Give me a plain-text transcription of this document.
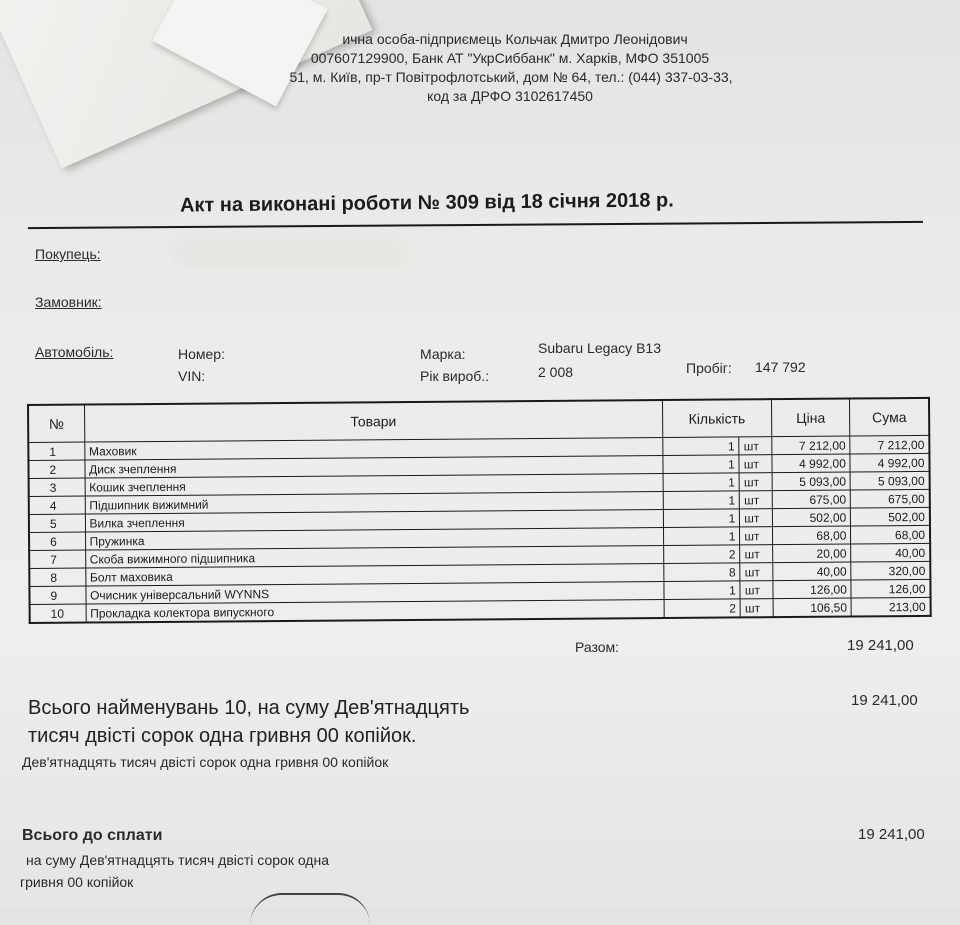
ична особа-підприємець Кольчак Дмитро Леонідович
007607129900, Банк АТ "УкрСиббанк" м. Харків, МФО 351005
51, м. Київ, пр-т Повітрофлотський, дом № 64, тел.: (044) 337-03-33,
код за ДРФО 3102617450
Акт на виконані роботи № 309 від 18 січня 2018 р.
Покупець:
Замовник:
Автомобіль:	Номер:
VIN:
Марка:	Subaru Legacy B13
Рік вироб.:	2 008	Пробіг: 147 792
№	Товари	Кількість		Ціна	Сума
1	Маховик	1	шт	7 212,00	7 212,00
2	Диск зчеплення	1	шт	4 992,00	4 992,00
3	Кошик зчеплення	1	шт	5 093,00	5 093,00
4	Підшипник вижимний	1	шт	675,00	675,00
5	Вилка зчеплення	1	шт	502,00	502,00
6	Пружинка	1	шт	68,00	68,00
7	Скоба вижимного підшипника	2	шт	20,00	40,00
8	Болт маховика	8	шт	40,00	320,00
9	Очисник універсальний WYNNS	1	шт	126,00	126,00
10	Прокладка колектора випускного	2	шт	106,50	213,00
Разом:	19 241,00
Всього найменувань 10, на суму Дев'ятнадцять
тисяч двісті сорок одна гривня 00 копійок.
19 241,00
Дев'ятнадцять тисяч двісті сорок одна гривня 00 копійок
Всього до сплати	19 241,00
на суму Дев'ятнадцять тисяч двісті сорок одна
гривня 00 копійок
